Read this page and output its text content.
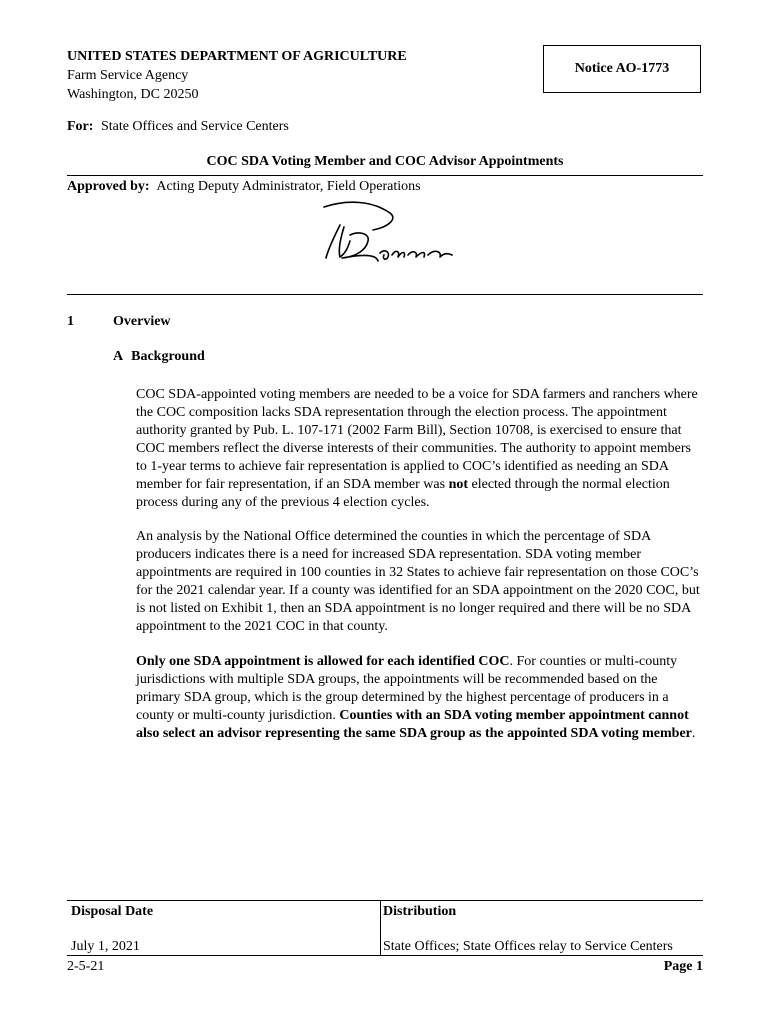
UNITED STATES DEPARTMENT OF AGRICULTURE
Farm Service Agency
Washington, DC 20250
Notice AO-1773
For: State Offices and Service Centers
COC SDA Voting Member and COC Advisor Appointments
Approved by: Acting Deputy Administrator, Field Operations
1	Overview
A Background
COC SDA-appointed voting members are needed to be a voice for SDA farmers and ranchers where the COC composition lacks SDA representation through the election process. The appointment authority granted by Pub. L. 107-171 (2002 Farm Bill), Section 10708, is exercised to ensure that COC members reflect the diverse interests of their communities. The authority to appoint members to 1-year terms to achieve fair representation is applied to COC’s identified as needing an SDA member for fair representation, if an SDA member was not elected through the normal election process during any of the previous 4 election cycles.
An analysis by the National Office determined the counties in which the percentage of SDA producers indicates there is a need for increased SDA representation. SDA voting member appointments are required in 100 counties in 32 States to achieve fair representation on those COC’s for the 2021 calendar year. If a county was identified for an SDA appointment on the 2020 COC, but is not listed on Exhibit 1, then an SDA appointment is no longer required and there will be no SDA appointment to the 2021 COC in that county.
Only one SDA appointment is allowed for each identified COC. For counties or multi-county jurisdictions with multiple SDA groups, the appointments will be recommended based on the primary SDA group, which is the group determined by the highest percentage of producers in a county or multi-county jurisdiction. Counties with an SDA voting member appointment cannot also select an advisor representing the same SDA group as the appointed SDA voting member.
Disposal Date	Distribution
July 1, 2021	State Offices; State Offices relay to Service Centers
2-5-21	Page 1
